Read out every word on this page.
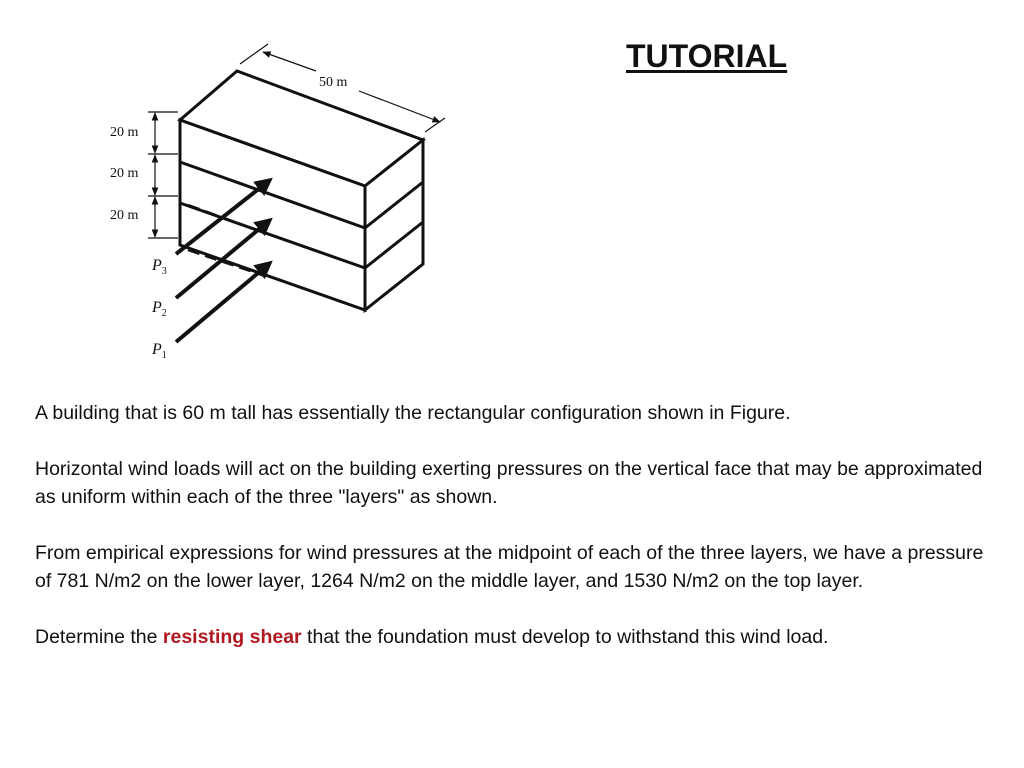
TUTORIAL
50 m
20 m
20 m
20 m
$P_3$
$P_2$
$P_1$

A building that is 60 m tall has essentially the rectangular configuration shown in Figure.

Horizontal wind loads will act on the building exerting pressures on the vertical face that may be approximated as uniform within each of the three "layers" as shown.

From empirical expressions for wind pressures at the midpoint of each of the three layers, we have a pressure of 781 N/m2 on the lower layer, 1264 N/m2 on the middle layer, and 1530 N/m2 on the top layer.

Determine the resisting shear that the foundation must develop to withstand this wind load.
